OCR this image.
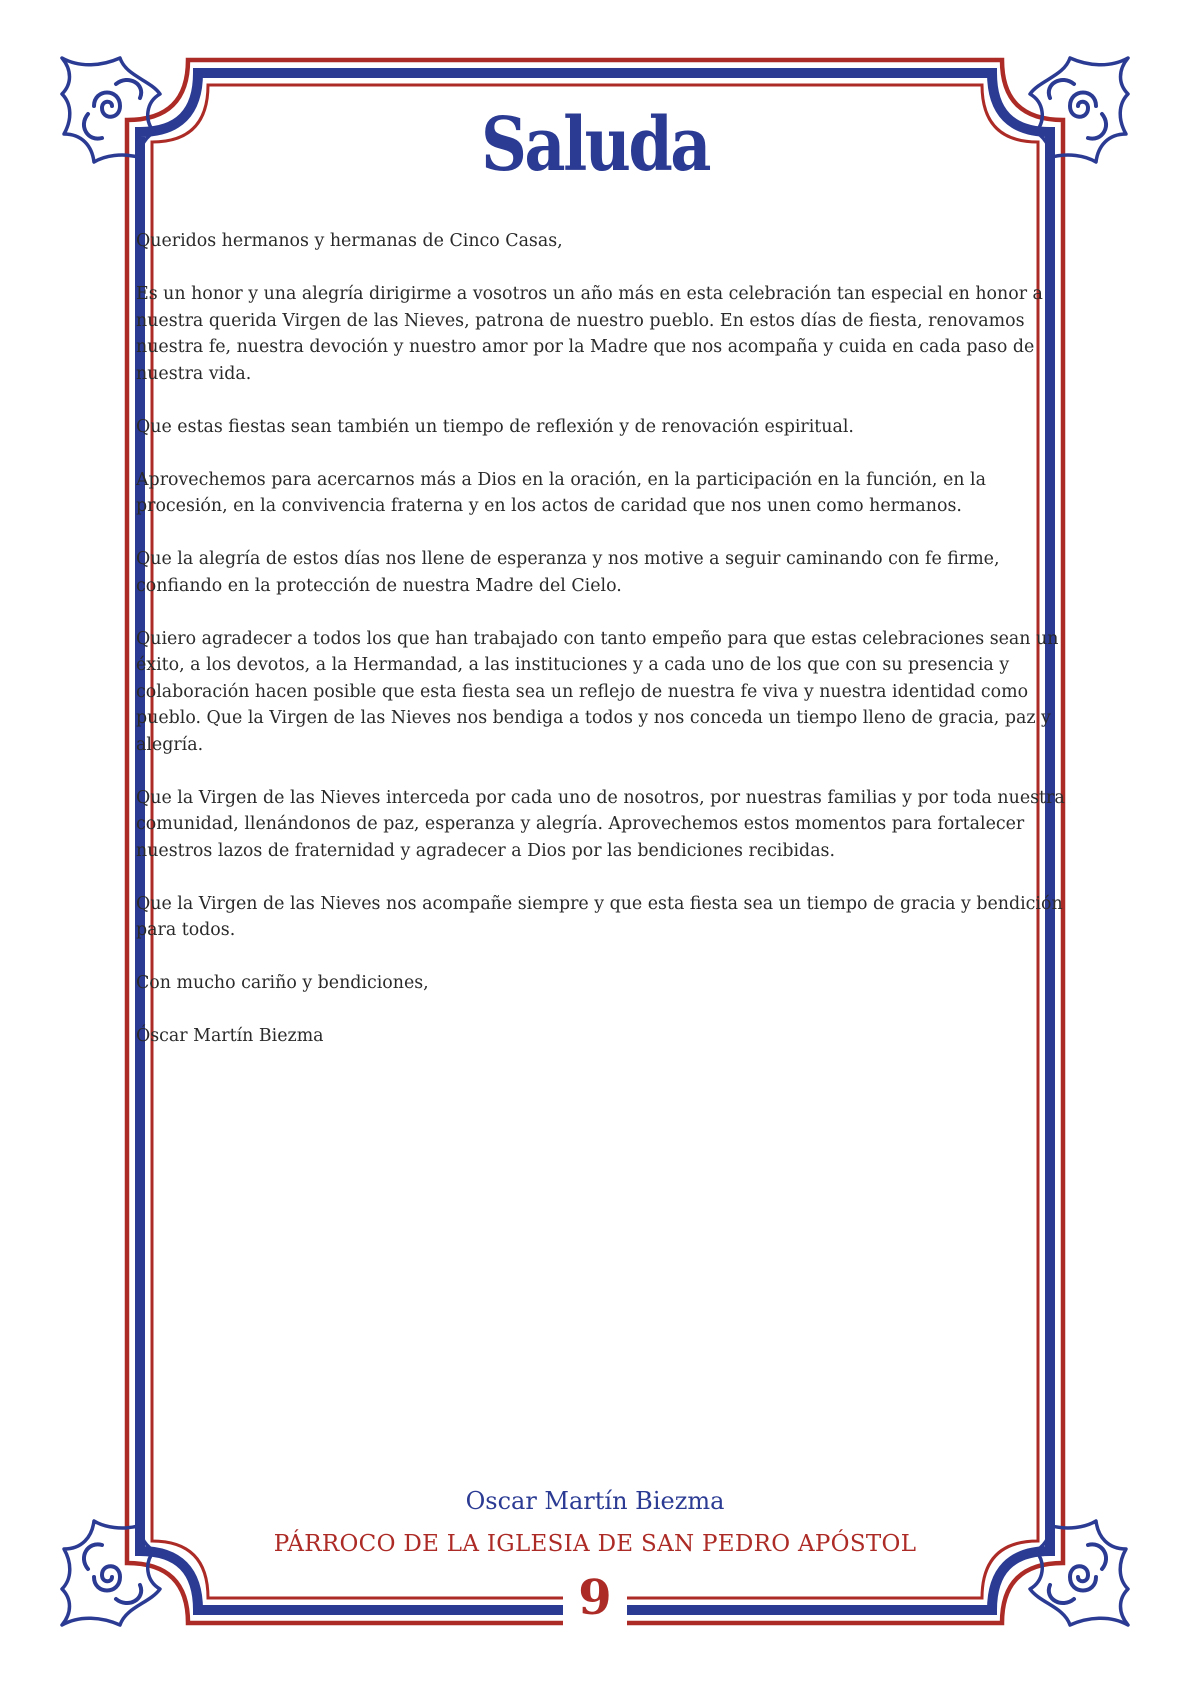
Saluda

Queridos hermanos y hermanas de Cinco Casas,

Es un honor y una alegría dirigirme a vosotros un año más en esta celebración tan especial en honor a nuestra querida Virgen de las Nieves, patrona de nuestro pueblo. En estos días de fiesta, renovamos nuestra fe, nuestra devoción y nuestro amor por la Madre que nos acompaña y cuida en cada paso de nuestra vida.

Que estas fiestas sean también un tiempo de reflexión y de renovación espiritual.

Aprovechemos para acercarnos más a Dios en la oración, en la participación en la función, en la procesión, en la convivencia fraterna y en los actos de caridad que nos unen como hermanos.

Que la alegría de estos días nos llene de esperanza y nos motive a seguir caminando con fe firme, confiando en la protección de nuestra Madre del Cielo.

Quiero agradecer a todos los que han trabajado con tanto empeño para que estas celebraciones sean un éxito, a los devotos, a la Hermandad, a las instituciones y a cada uno de los que con su presencia y colaboración hacen posible que esta fiesta sea un reflejo de nuestra fe viva y nuestra identidad como pueblo. Que la Virgen de las Nieves nos bendiga a todos y nos conceda un tiempo lleno de gracia, paz y alegría.

Que la Virgen de las Nieves interceda por cada uno de nosotros, por nuestras familias y por toda nuestra comunidad, llenándonos de paz, esperanza y alegría. Aprovechemos estos momentos para fortalecer nuestros lazos de fraternidad y agradecer a Dios por las bendiciones recibidas.

Que la Virgen de las Nieves nos acompañe siempre y que esta fiesta sea un tiempo de gracia y bendición para todos.

Con mucho cariño y bendiciones,

Óscar Martín Biezma

Oscar Martín Biezma
PÁRROCO DE LA IGLESIA DE SAN PEDRO APÓSTOL
9
